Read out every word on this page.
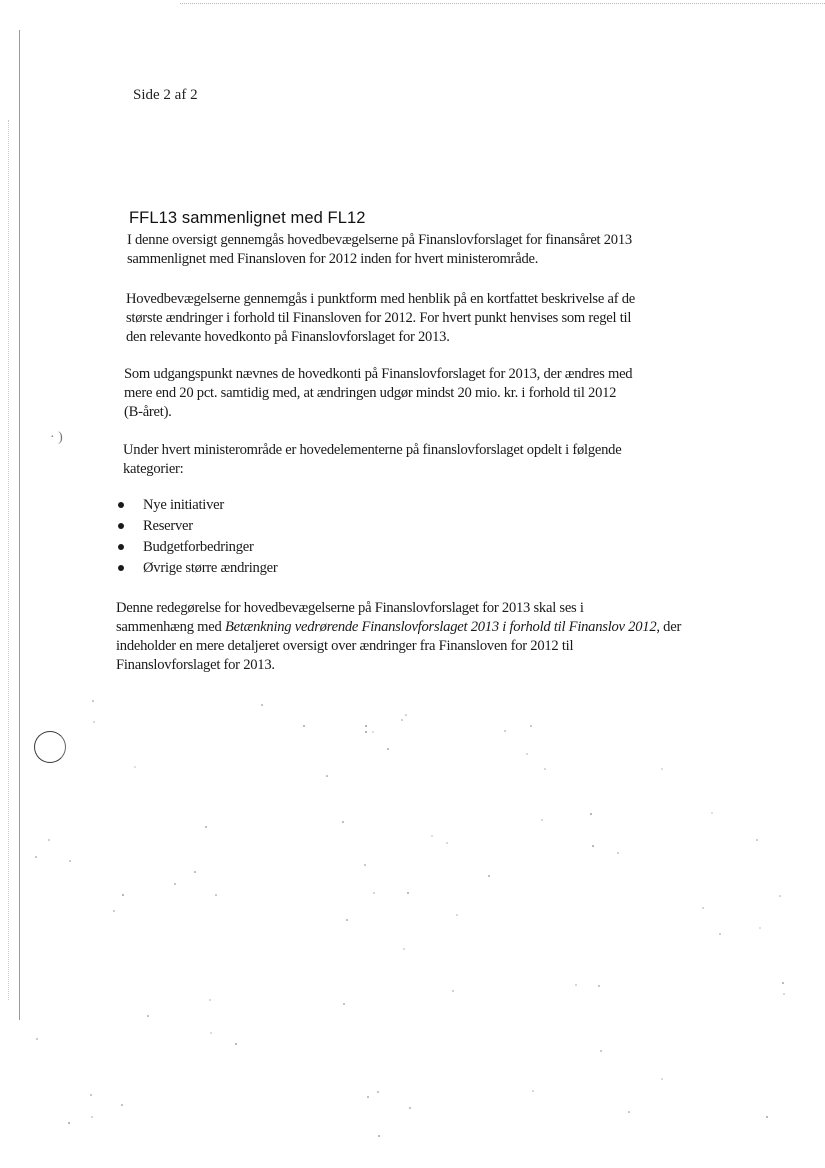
· )
Side 2 af 2
FFL13 sammenlignet med FL12

I denne oversigt gennemgås hovedbevægelserne på Finanslovforslaget for finansåret 2013
sammenlignet med Finansloven for 2012 inden for hvert ministerområde.

Hovedbevægelserne gennemgås i punktform med henblik på en kortfattet beskrivelse af de
største ændringer i forhold til Finansloven for 2012. For hvert punkt henvises som regel til
den relevante hovedkonto på Finanslovforslaget for 2013.

Som udgangspunkt nævnes de hovedkonti på Finanslovforslaget for 2013, der ændres med
mere end 20 pct. samtidig med, at ændringen udgør mindst 20 mio. kr. i forhold til 2012
(B-året).

Under hvert ministerområde er hovedelementerne på finanslovforslaget opdelt i følgende
kategorier:

Nye initiativer
Reserver
Budgetforbedringer
Øvrige større ændringer

Denne redegørelse for hovedbevægelserne på Finanslovforslaget for 2013 skal ses i
sammenhæng med Betænkning vedrørende Finanslovforslaget 2013 i forhold til Finanslov 2012, der
indeholder en mere detaljeret oversigt over ændringer fra Finansloven for 2012 til
Finanslovforslaget for 2013.
